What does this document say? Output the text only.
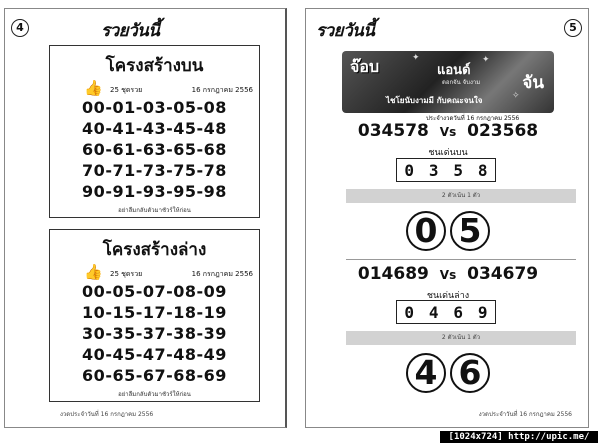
4	รวยวันนี้
โครงสร้างบน
👍 25 ชุดรวย	16 กรกฎาคม 2556
00-01-03-05-08
40-41-43-45-48
60-61-63-65-68
70-71-73-75-78
90-91-93-95-98
อย่าลืมกลับตัวมาชัวร์ให้ก่อน
โครงสร้างล่าง
👍 25 ชุดรวย	16 กรกฎาคม 2556
00-05-07-08-09
10-15-17-18-19
30-35-37-38-39
40-45-47-48-49
60-65-67-68-69
อย่าลืมกลับตัวมาชัวร์ให้ก่อน
งวดประจำวันที่ 16 กรกฎาคม 2556
รวยวันนี้	5
✦
✧
✦
จ๊อบ	แอนด์
ดอกจัน จับงาม จัน
ไชโยนับงามมี กับคณะจนใจ
ประจำงวดวันที่ 16 กรกฎาคม 2556
034578 Vs 023568
ชนเด่นบน
0 3 5 8
2 ตัวเน้น 1 ตัว
0 5
014689 Vs 034679
ชนเด่นล่าง
0 4 6 9
2 ตัวเน้น 1 ตัว
4 6
งวดประจำวันที่ 16 กรกฎาคม 2556
[1024x724] http://upic.me/
